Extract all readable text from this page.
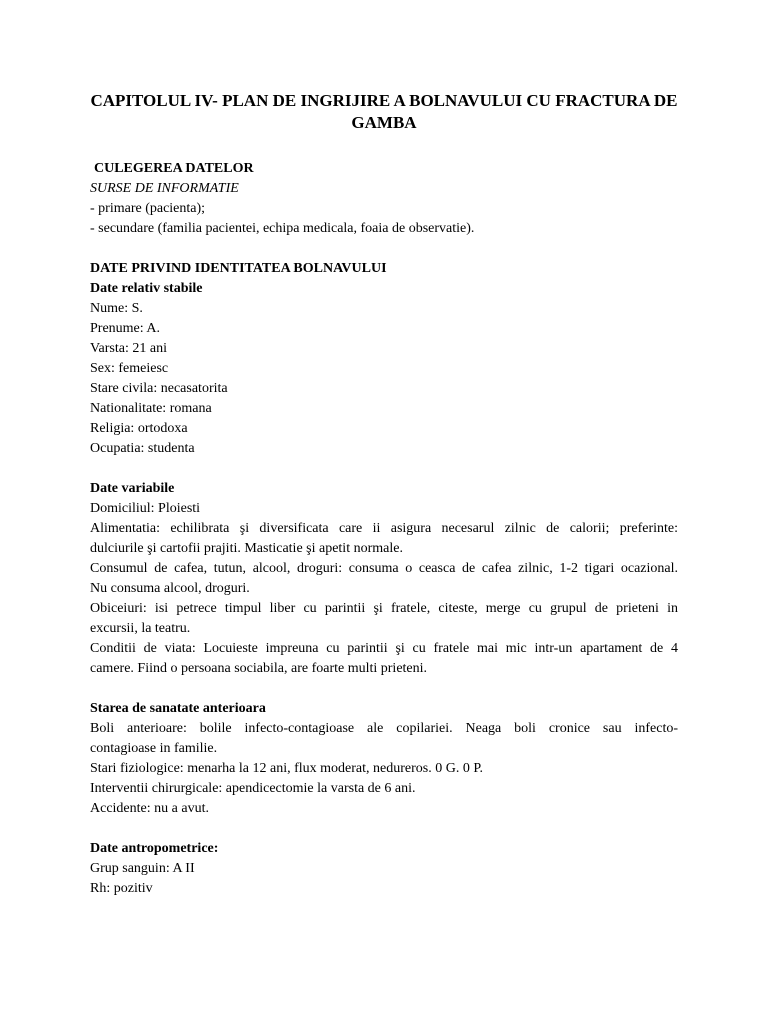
CAPITOLUL IV- PLAN DE INGRIJIRE A BOLNAVULUI CU FRACTURA DE GAMBA

CULEGEREA DATELOR

SURSE DE INFORMATIE

- primare (pacienta);

- secundare (familia pacientei, echipa medicala, foaia de observatie).

DATE PRIVIND IDENTITATEA BOLNAVULUI

Date relativ stabile

Nume: S.

Prenume: A.

Varsta: 21 ani

Sex: femeiesc

Stare civila: necasatorita

Nationalitate: romana

Religia: ortodoxa

Ocupatia: studenta

Date variabile

Domiciliul: Ploiesti

Alimentatia: echilibrata şi diversificata care ii asigura necesarul zilnic de calorii; preferinte:

dulciurile şi cartofii prajiti. Masticatie şi apetit normale.

Consumul de cafea, tutun, alcool, droguri: consuma o ceasca de cafea zilnic, 1-2 tigari ocazional.

Nu consuma alcool, droguri.

Obiceiuri: isi petrece timpul liber cu parintii şi fratele, citeste, merge cu grupul de prieteni in

excursii, la teatru.

Conditii de viata: Locuieste impreuna cu parintii şi cu fratele mai mic intr-un apartament de 4

camere. Fiind o persoana sociabila, are foarte multi prieteni.

Starea de sanatate anterioara

Boli anterioare: bolile infecto-contagioase ale copilariei. Neaga boli cronice sau infecto-

contagioase in familie.

Stari fiziologice: menarha la 12 ani, flux moderat, nedureros. 0 G. 0 P.

Interventii chirurgicale: apendicectomie la varsta de 6 ani.

Accidente: nu a avut.

Date antropometrice:

Grup sanguin: A II

Rh: pozitiv
